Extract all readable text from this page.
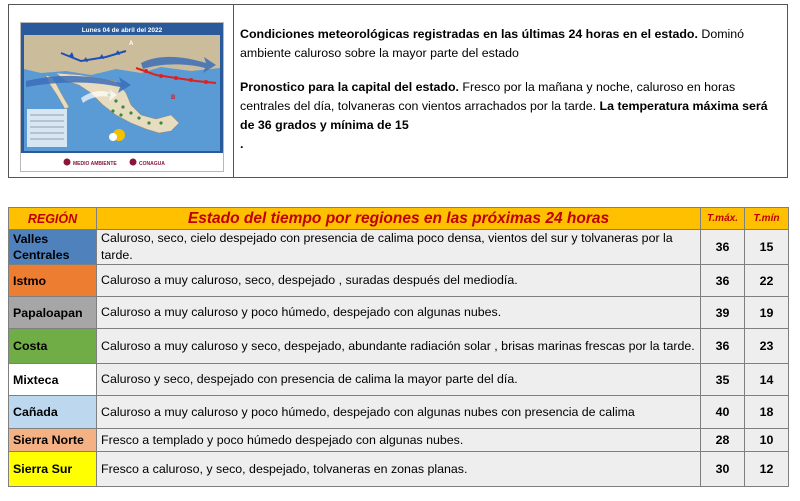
Lunes 04 de abril del 2022
A
B
MEDIO AMBIENTE	CONAGUA

Condiciones meteorológicas registradas en las últimas 24 horas en el estado. Dominó ambiente caluroso sobre la mayor parte del estado

Pronostico para la capital del estado. Fresco por la mañana y noche, caluroso en horas centrales del día, tolvaneras con vientos arrachados por la tarde. La temperatura máxima será de 36 grados y mínima de 15

.

REGIÓN	Estado del tiempo por regiones en las próximas 24 horas	T.máx.	T.mín
Valles Centrales	Caluroso, seco, cielo despejado con presencia de calima poco densa, vientos del sur y tolvaneras por la tarde.	36	15
Istmo	Caluroso a muy caluroso, seco, despejado , suradas después del mediodía.	36	22
Papaloapan	Caluroso a muy caluroso y poco húmedo, despejado con algunas nubes.	39	19
Costa	Caluroso a muy caluroso y seco, despejado, abundante radiación solar , brisas marinas frescas por la tarde.	36	23
Mixteca	Caluroso y seco, despejado con presencia de calima la mayor parte del día.	35	14
Cañada	Caluroso a muy caluroso y poco húmedo, despejado con algunas nubes con presencia de calima	40	18
Sierra Norte	Fresco a templado y poco húmedo despejado con algunas nubes.	28	10
Sierra Sur	Fresco a caluroso, y seco, despejado, tolvaneras en zonas planas.	30	12
